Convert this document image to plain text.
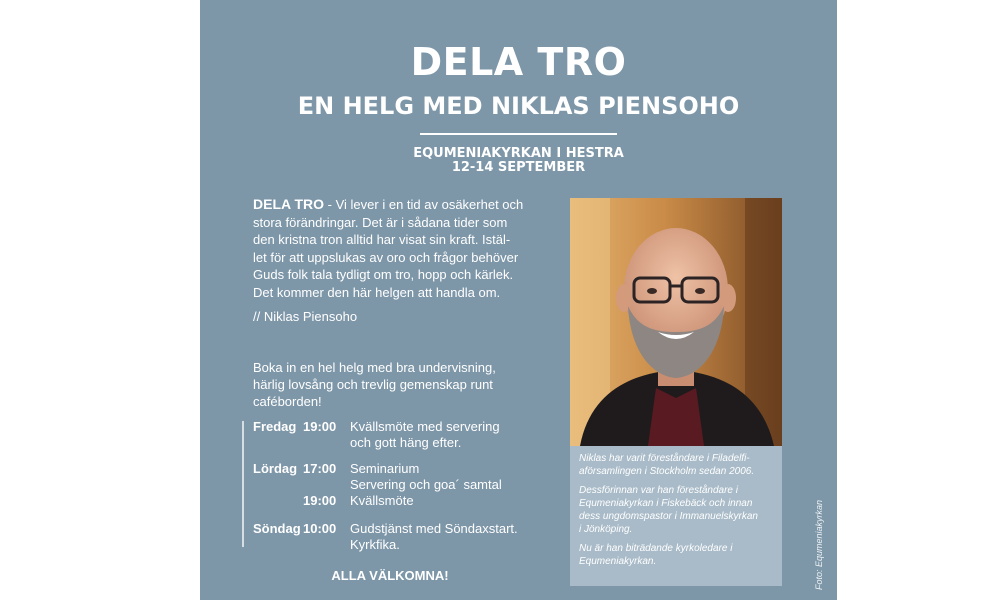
DELA TRO
EN HELG MED NIKLAS PIENSOHO
EQUMENIAKYRKAN I HESTRA
12-14 SEPTEMBER
DELA TRO - Vi lever i en tid av osäkerhet och
stora förändringar. Det är i sådana tider som
den kristna tron alltid har visat sin kraft. Istäl-
let för att uppslukas av oro och frågor behöver
Guds folk tala tydligt om tro, hopp och kärlek.
Det kommer den här helgen att handla om.
// Niklas Piensoho
Boka in en hel helg med bra undervisning,
härlig lovsång och trevlig gemenskap runt
caféborden!
Fredag 19:00 Kvällsmöte med servering
och gott häng efter.
Lördag 17:00 Seminarium
Servering och goa´ samtal
19:00 Kvällsmöte
Söndag 10:00 Gudstjänst med Söndaxstart.
Kyrkfika.
ALLA VÄLKOMNA!

Niklas har varit föreståndare i Filadelfi-
aförsamlingen i Stockholm sedan 2006.

Dessförinnan var han föreståndare i
Equmeniakyrkan i Fiskebäck och innan
dess ungdomspastor i Immanuelskyrkan
i Jönköping.

Nu är han biträdande kyrkoledare i
Equmeniakyrkan.	Foto: Equmeniakyrkan
